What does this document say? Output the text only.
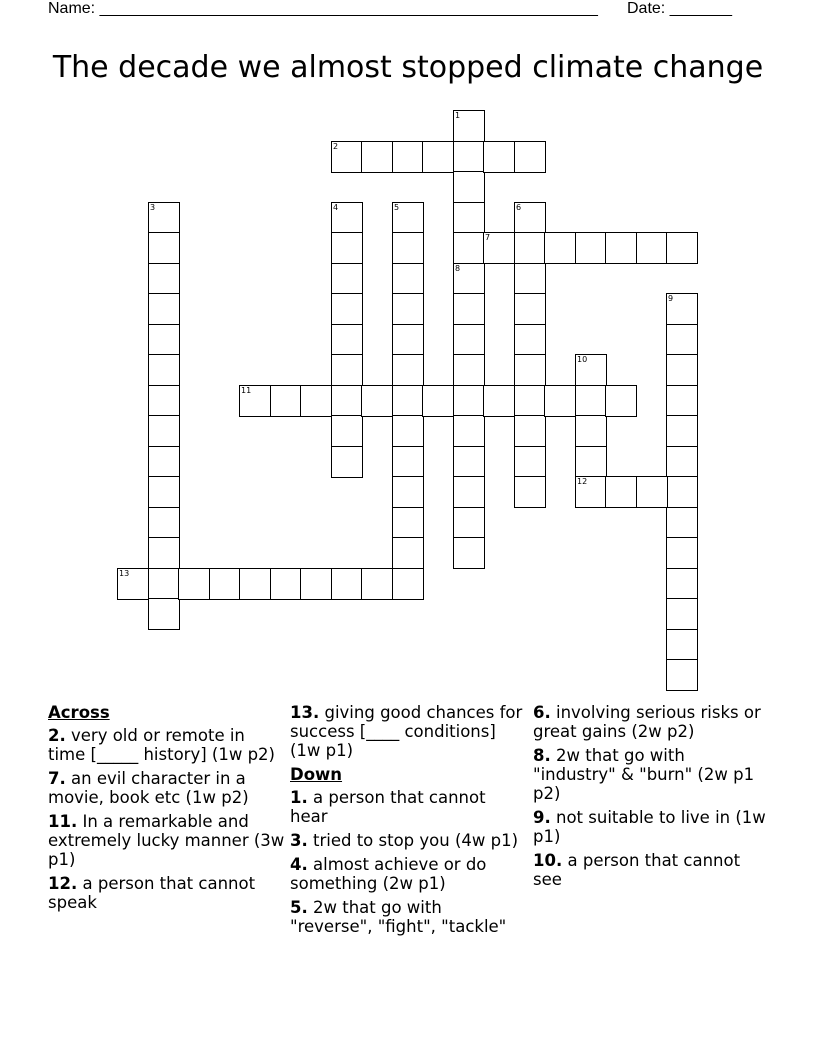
Name: ________________________________________________________ Date: _______
The decade we almost stopped climate change
1
8
2
3	4	5	6
7
9
10
12
11
13
Across
2. very old or remote in time [_____ history] (1w p2)
7. an evil character in a movie, book etc (1w p2)
11. In a remarkable and extremely lucky manner (3w p1)
12. a person that cannot speak
13. giving good chances for success [____ conditions] (1w p1)
Down
1. a person that cannot hear
3. tried to stop you (4w p1)
4. almost achieve or do something (2w p1)
5. 2w that go with "reverse", "fight", "tackle"
6. involving serious risks or great gains (2w p2)
8. 2w that go with "industry" & "burn" (2w p1 p2)
9. not suitable to live in (1w p1)
10. a person that cannot see
